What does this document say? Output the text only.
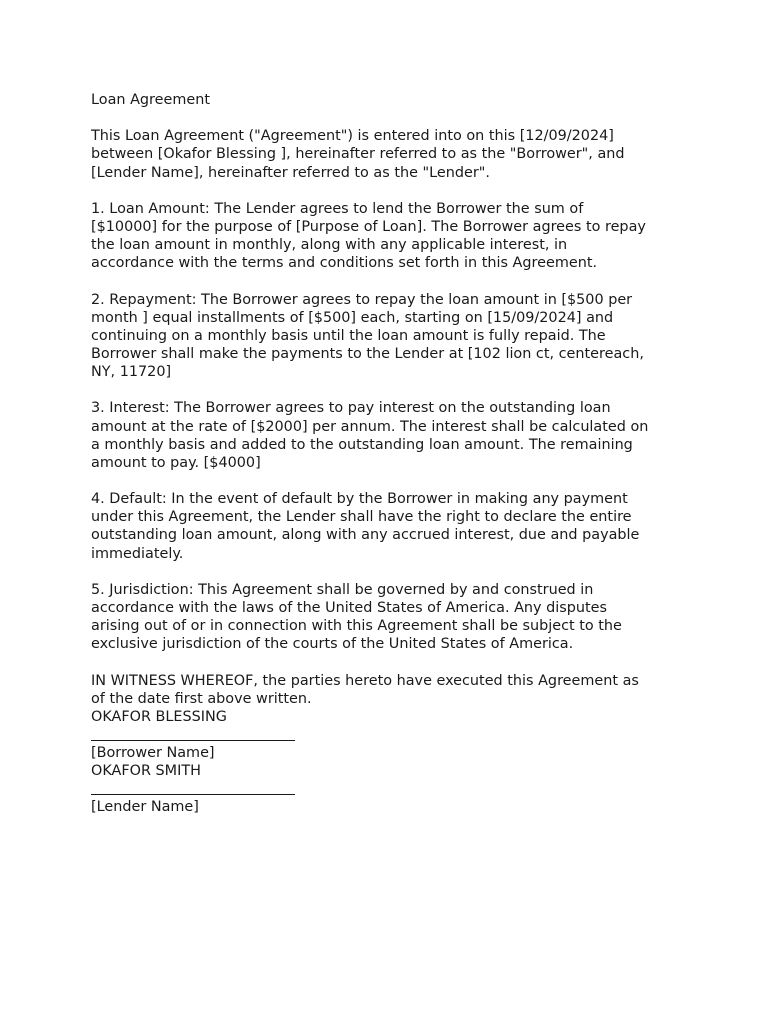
Loan Agreement
This Loan Agreement ("Agreement") is entered into on this [12/09/2024]
between [Okafor Blessing ], hereinafter referred to as the "Borrower", and
[Lender Name], hereinafter referred to as the "Lender".
1. Loan Amount: The Lender agrees to lend the Borrower the sum of
[$10000] for the purpose of [Purpose of Loan]. The Borrower agrees to repay
the loan amount in monthly, along with any applicable interest, in
accordance with the terms and conditions set forth in this Agreement.
2. Repayment: The Borrower agrees to repay the loan amount in [$500 per
month ] equal installments of [$500] each, starting on [15/09/2024] and
continuing on a monthly basis until the loan amount is fully repaid. The
Borrower shall make the payments to the Lender at [102 lion ct, centereach,
NY, 11720]
3. Interest: The Borrower agrees to pay interest on the outstanding loan
amount at the rate of [$2000] per annum. The interest shall be calculated on
a monthly basis and added to the outstanding loan amount. The remaining
amount to pay. [$4000]
4. Default: In the event of default by the Borrower in making any payment
under this Agreement, the Lender shall have the right to declare the entire
outstanding loan amount, along with any accrued interest, due and payable
immediately.
5. Jurisdiction: This Agreement shall be governed by and construed in
accordance with the laws of the United States of America. Any disputes
arising out of or in connection with this Agreement shall be subject to the
exclusive jurisdiction of the courts of the United States of America.
IN WITNESS WHEREOF, the parties hereto have executed this Agreement as
of the date first above written.
OKAFOR BLESSING
[Borrower Name]
OKAFOR SMITH
[Lender Name]
